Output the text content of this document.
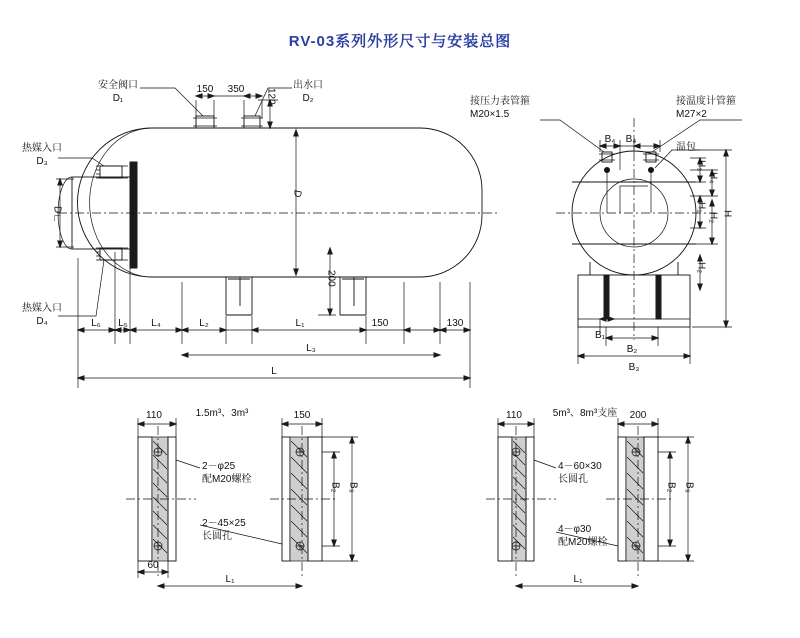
RV-03系列外形尺寸与安装总图
安全阀口
D₁
出水口
D₂
热媒入口
D₃
热媒入口
D₄
150 350 120
D
200
D∟
L₆ L₅ L₄	L₂	L₁	150	130
L₃
L
接压力表管箍
M20×1.5
接温度计管箍
M27×2
温包
B₄ B₄
H₃
H₄
H₁
H₂
H₂
H
B₁
B₂
B₃
110	150
1.5m³、3m³
B₂ B₃
60
L₁
2－φ25
配M20螺栓
2－45×25
长圆孔
110	200
5m³、8m³支座
B₂ B₃
L₁
4－60×30
长圆孔
4－φ30
配M20螺栓
